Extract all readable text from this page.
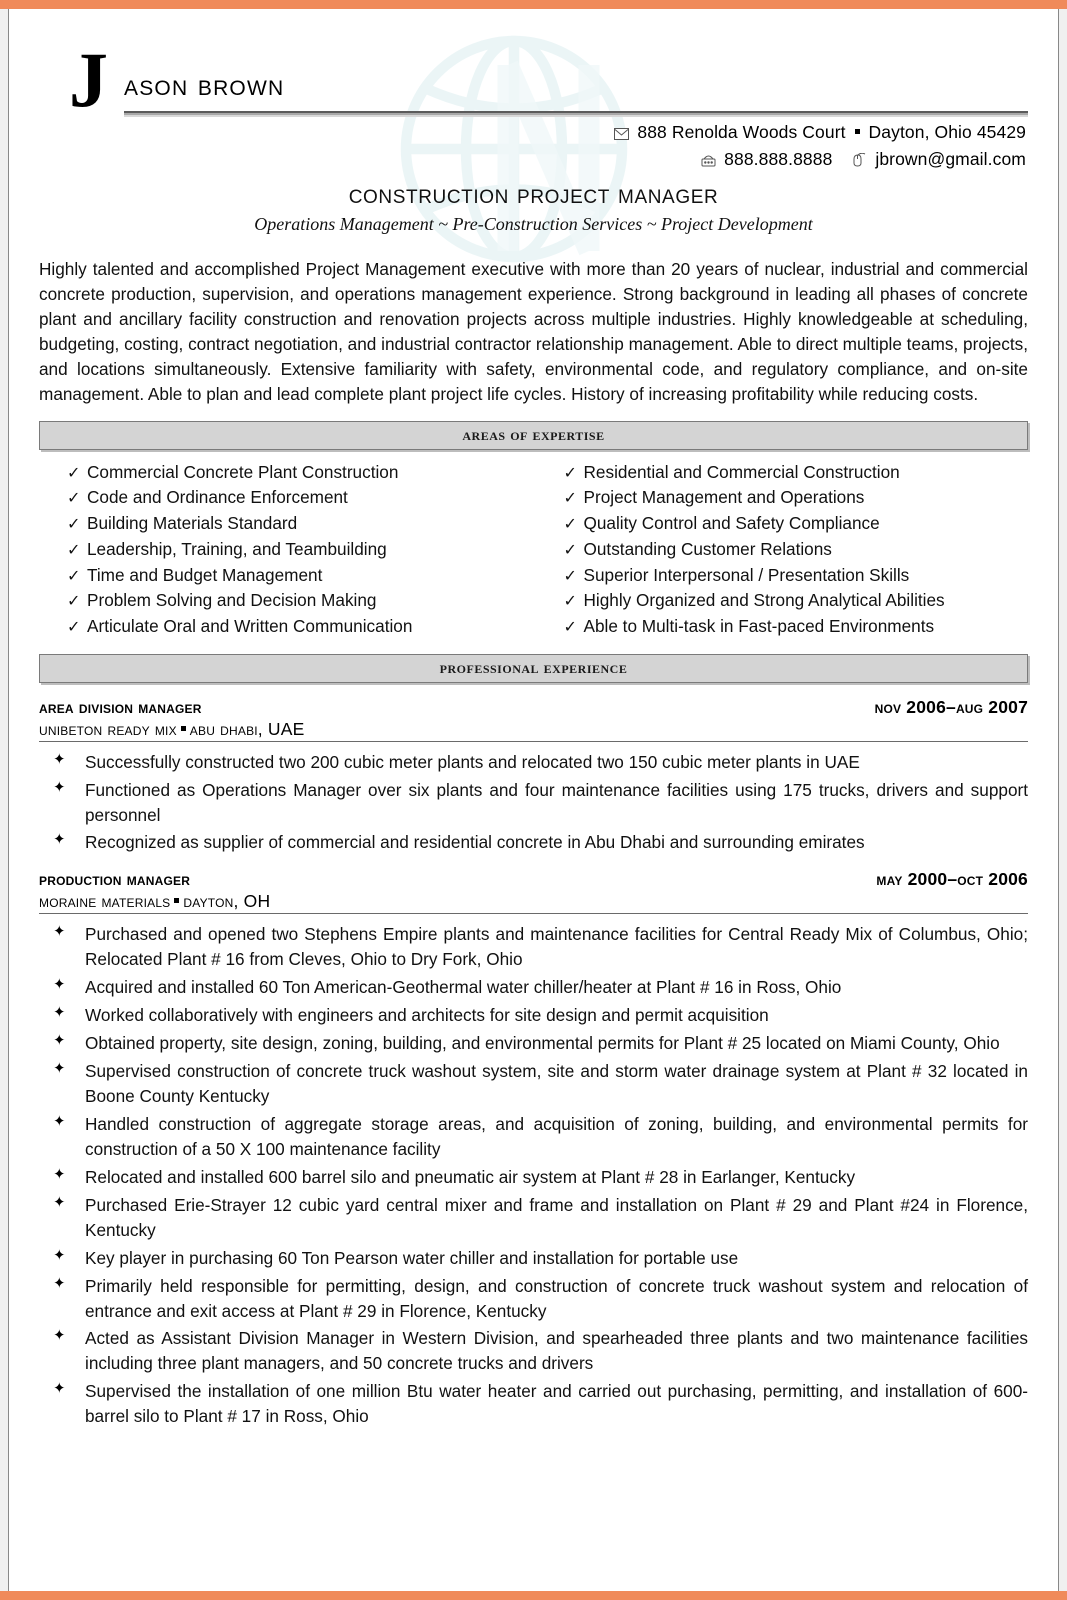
J ason brown
888 Renolda Woods Court Dayton, Ohio 45429
888.888.8888 jbrown@gmail.com
construction project manager
Operations Management ~ Pre-Construction Services ~ Project Development
Highly talented and accomplished Project Management executive with more than 20 years of nuclear, industrial and commercial concrete production, supervision, and operations management experience. Strong background in leading all phases of concrete plant and ancillary facility construction and renovation projects across multiple industries. Highly knowledgeable at scheduling, budgeting, costing, contract negotiation, and industrial contractor relationship management. Able to direct multiple teams, projects, and locations simultaneously. Extensive familiarity with safety, environmental code, and regulatory compliance, and on-site management. Able to plan and lead complete plant project life cycles. History of increasing profitability while reducing costs.
areas of expertise
✓ Commercial Concrete Plant Construction
✓ Code and Ordinance Enforcement
✓ Building Materials Standard
✓ Leadership, Training, and Teambuilding
✓ Time and Budget Management
✓ Problem Solving and Decision Making
✓ Articulate Oral and Written Communication
✓ Residential and Commercial Construction
✓ Project Management and Operations
✓ Quality Control and Safety Compliance
✓ Outstanding Customer Relations
✓ Superior Interpersonal / Presentation Skills
✓ Highly Organized and Strong Analytical Abilities
✓ Able to Multi-task in Fast-paced Environments
professional experience
area division manager	nov 2006–aug 2007
unibeton ready mix abu dhabi, UAE
✦ Successfully constructed two 200 cubic meter plants and relocated two 150 cubic meter plants in UAE
✦ Functioned as Operations Manager over six plants and four maintenance facilities using 175 trucks, drivers and support personnel
✦ Recognized as supplier of commercial and residential concrete in Abu Dhabi and surrounding emirates
production manager	may 2000–oct 2006
moraine materials dayton, OH
✦ Purchased and opened two Stephens Empire plants and maintenance facilities for Central Ready Mix of Columbus, Ohio; Relocated Plant # 16 from Cleves, Ohio to Dry Fork, Ohio
✦ Acquired and installed 60 Ton American-Geothermal water chiller/heater at Plant # 16 in Ross, Ohio
✦ Worked collaboratively with engineers and architects for site design and permit acquisition
✦ Obtained property, site design, zoning, building, and environmental permits for Plant # 25 located on Miami County, Ohio
✦ Supervised construction of concrete truck washout system, site and storm water drainage system at Plant # 32 located in Boone County Kentucky
✦ Handled construction of aggregate storage areas, and acquisition of zoning, building, and environmental permits for construction of a 50 X 100 maintenance facility
✦ Relocated and installed 600 barrel silo and pneumatic air system at Plant # 28 in Earlanger, Kentucky
✦ Purchased Erie-Strayer 12 cubic yard central mixer and frame and installation on Plant # 29 and Plant #24 in Florence, Kentucky
✦ Key player in purchasing 60 Ton Pearson water chiller and installation for portable use
✦ Primarily held responsible for permitting, design, and construction of concrete truck washout system and relocation of entrance and exit access at Plant # 29 in Florence, Kentucky
✦ Acted as Assistant Division Manager in Western Division, and spearheaded three plants and two maintenance facilities including three plant managers, and 50 concrete trucks and drivers
✦ Supervised the installation of one million Btu water heater and carried out purchasing, permitting, and installation of 600-barrel silo to Plant # 17 in Ross, Ohio
